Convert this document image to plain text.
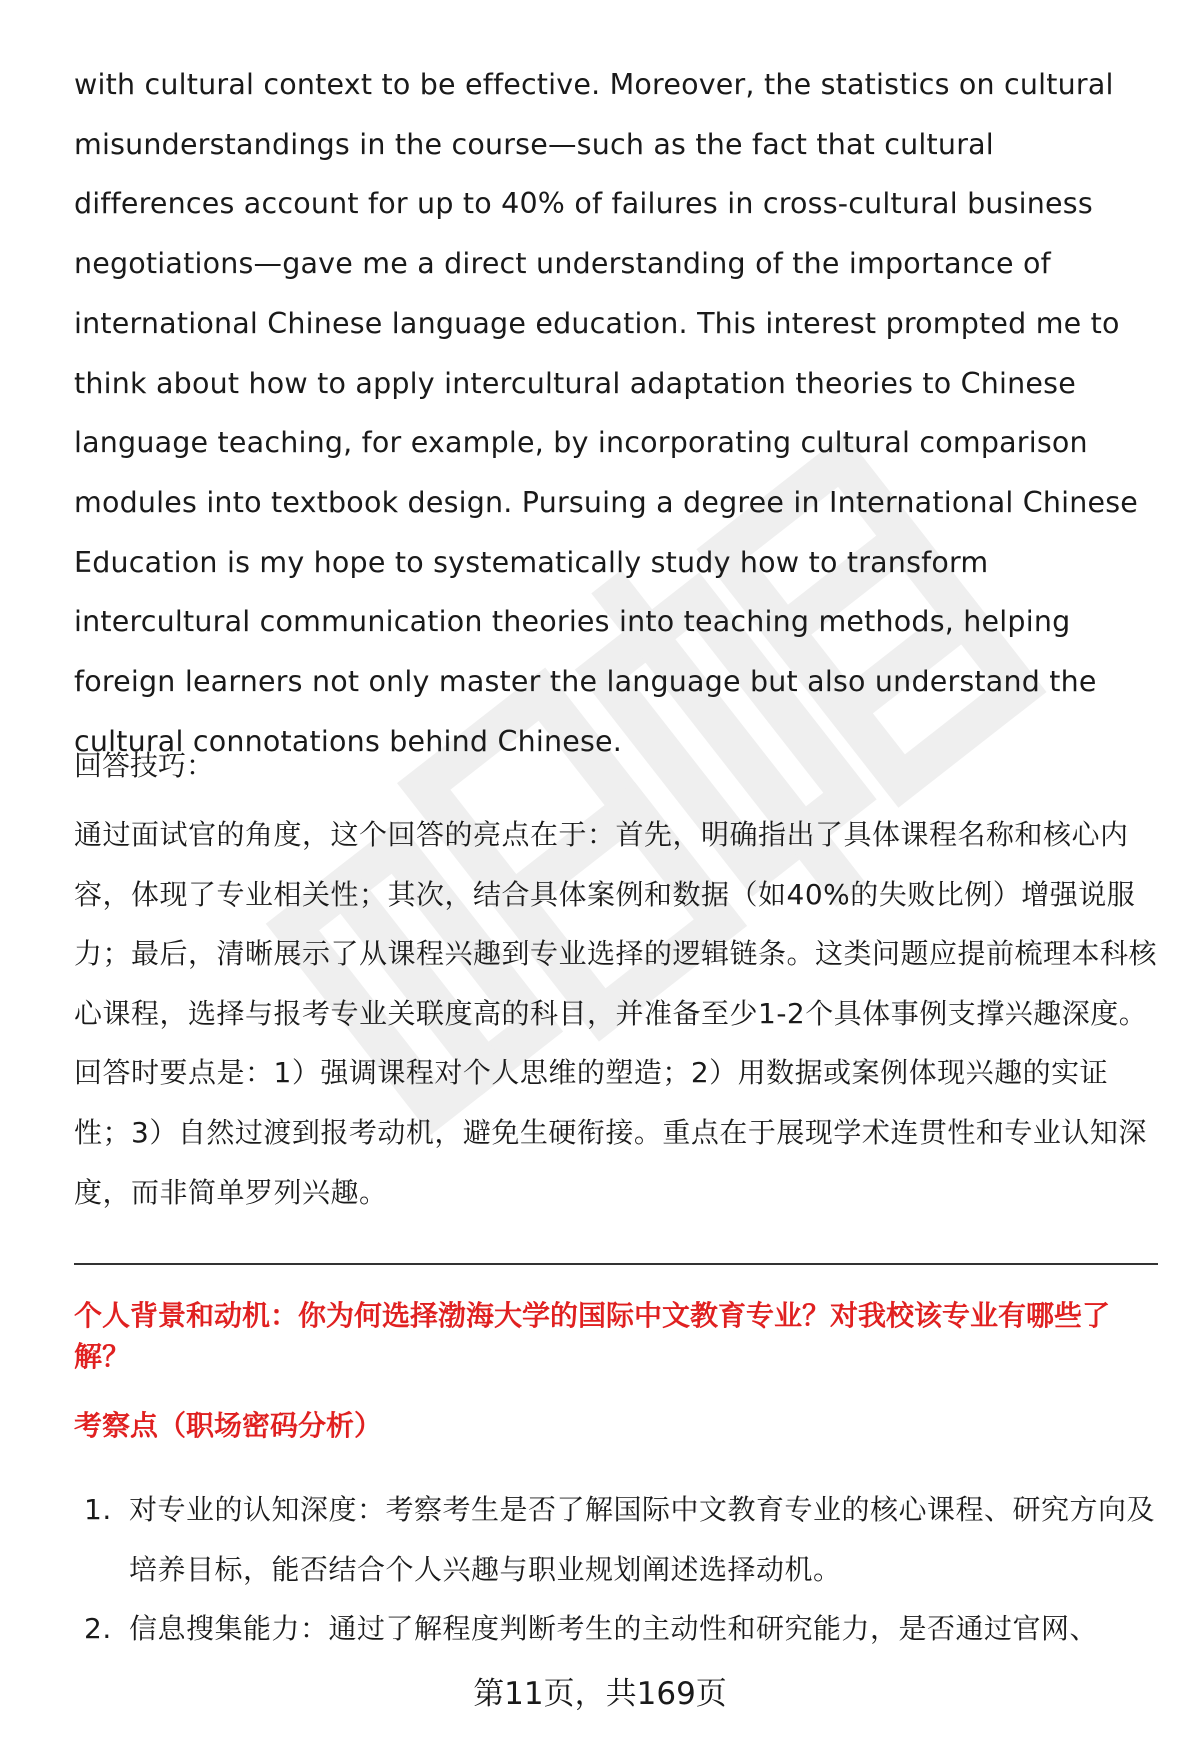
with cultural context to be effective. Moreover, the statistics on cultural misunderstandings in the course—such as the fact that cultural differences account for up to 40% of failures in cross-cultural business negotiations—gave me a direct understanding of the importance of international Chinese language education. This interest prompted me to think about how to apply intercultural adaptation theories to Chinese language teaching, for example, by incorporating cultural comparison modules into textbook design. Pursuing a degree in International Chinese Education is my hope to systematically study how to transform intercultural communication theories into teaching methods, helping foreign learners not only master the language but also understand the cultural connotations behind Chinese.
回答技巧：
通过面试官的角度，这个回答的亮点在于：首先，明确指出了具体课程名称和核心内容，体现了专业相关性；其次，结合具体案例和数据（如40%的失败比例）增强说服力；最后，清晰展示了从课程兴趣到专业选择的逻辑链条。这类问题应提前梳理本科核心课程，选择与报考专业关联度高的科目，并准备至少1-2个具体事例支撑兴趣深度。回答时要点是：1）强调课程对个人思维的塑造；2）用数据或案例体现兴趣的实证性；3）自然过渡到报考动机，避免生硬衔接。重点在于展现学术连贯性和专业认知深度，而非简单罗列兴趣。
个人背景和动机：你为何选择渤海大学的国际中文教育专业？对我校该专业有哪些了解？
考察点（职场密码分析）
1. 对专业的认知深度：考察考生是否了解国际中文教育专业的核心课程、研究方向及培养目标，能否结合个人兴趣与职业规划阐述选择动机。
2. 信息搜集能力：通过了解程度判断考生的主动性和研究能力，是否通过官网、
第11页，共169页
